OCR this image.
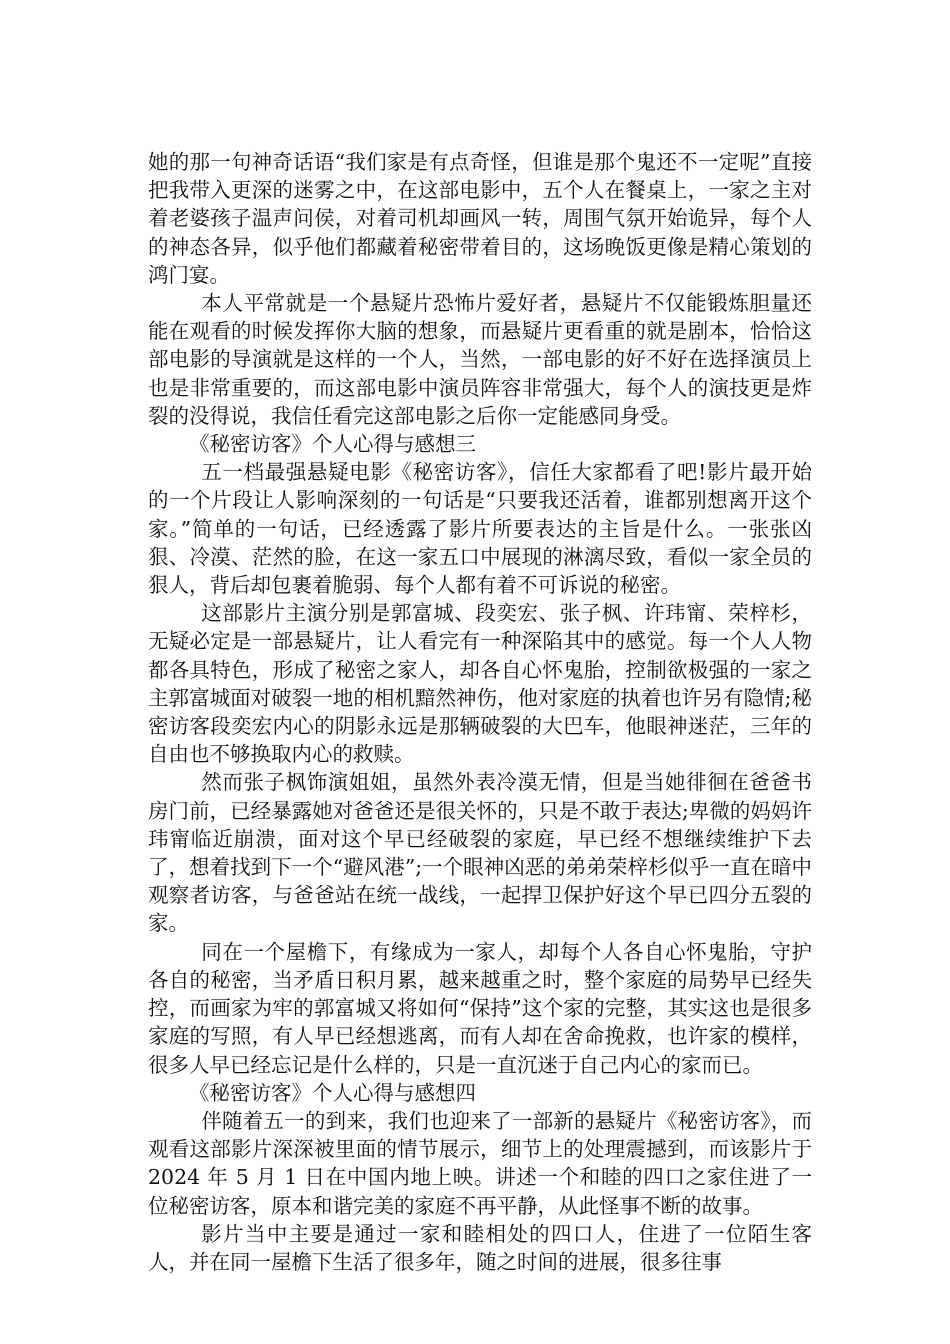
她的那一句神奇话语“我们家是有点奇怪，但谁是那个鬼还不一定呢”直接把我带入更深的迷雾之中，在这部电影中，五个人在餐桌上，一家之主对着老婆孩子温声问侯，对着司机却画风一转，周围气氛开始诡异，每个人的神态各异，似乎他们都藏着秘密带着目的，这场晚饭更像是精心策划的鸿门宴。

本人平常就是一个悬疑片恐怖片爱好者，悬疑片不仅能锻炼胆量还能在观看的时候发挥你大脑的想象，而悬疑片更看重的就是剧本，恰恰这部电影的导演就是这样的一个人，当然，一部电影的好不好在选择演员上也是非常重要的，而这部电影中演员阵容非常强大，每个人的演技更是炸裂的没得说，我信任看完这部电影之后你一定能感同身受。

《秘密访客》个人心得与感想三

五一档最强悬疑电影《秘密访客》，信任大家都看了吧!影片最开始的一个片段让人影响深刻的一句话是“只要我还活着，谁都别想离开这个家。”简单的一句话，已经透露了影片所要表达的主旨是什么。一张张凶狠、冷漠、茫然的脸，在这一家五口中展现的淋漓尽致，看似一家全员的狠人，背后却包裹着脆弱、每个人都有着不可诉说的秘密。

这部影片主演分别是郭富城、段奕宏、张子枫、许玮甯、荣梓杉，无疑必定是一部悬疑片，让人看完有一种深陷其中的感觉。每一个人人物都各具特色，形成了秘密之家人，却各自心怀鬼胎，控制欲极强的一家之主郭富城面对破裂一地的相机黯然神伤，他对家庭的执着也许另有隐情;秘密访客段奕宏内心的阴影永远是那辆破裂的大巴车，他眼神迷茫，三年的自由也不够换取内心的救赎。

然而张子枫饰演姐姐，虽然外表冷漠无情，但是当她徘徊在爸爸书房门前，已经暴露她对爸爸还是很关怀的，只是不敢于表达;卑微的妈妈许玮甯临近崩溃，面对这个早已经破裂的家庭，早已经不想继续维护下去了，想着找到下一个“避风港”;一个眼神凶恶的弟弟荣梓杉似乎一直在暗中观察者访客，与爸爸站在统一战线，一起捍卫保护好这个早已四分五裂的家。

同在一个屋檐下，有缘成为一家人，却每个人各自心怀鬼胎，守护各自的秘密，当矛盾日积月累，越来越重之时，整个家庭的局势早已经失控，而画家为牢的郭富城又将如何“保持”这个家的完整，其实这也是很多家庭的写照，有人早已经想逃离，而有人却在舍命挽救，也许家的模样，很多人早已经忘记是什么样的，只是一直沉迷于自己内心的家而已。

《秘密访客》个人心得与感想四

伴随着五一的到来，我们也迎来了一部新的悬疑片《秘密访客》，而观看这部影片深深被里面的情节展示，细节上的处理震撼到，而该影片于 2024 年 5 月 1 日在中国内地上映。讲述一个和睦的四口之家住进了一位秘密访客，原本和谐完美的家庭不再平静，从此怪事不断的故事。

影片当中主要是通过一家和睦相处的四口人，住进了一位陌生客人，并在同一屋檐下生活了很多年，随之时间的进展，很多往事
